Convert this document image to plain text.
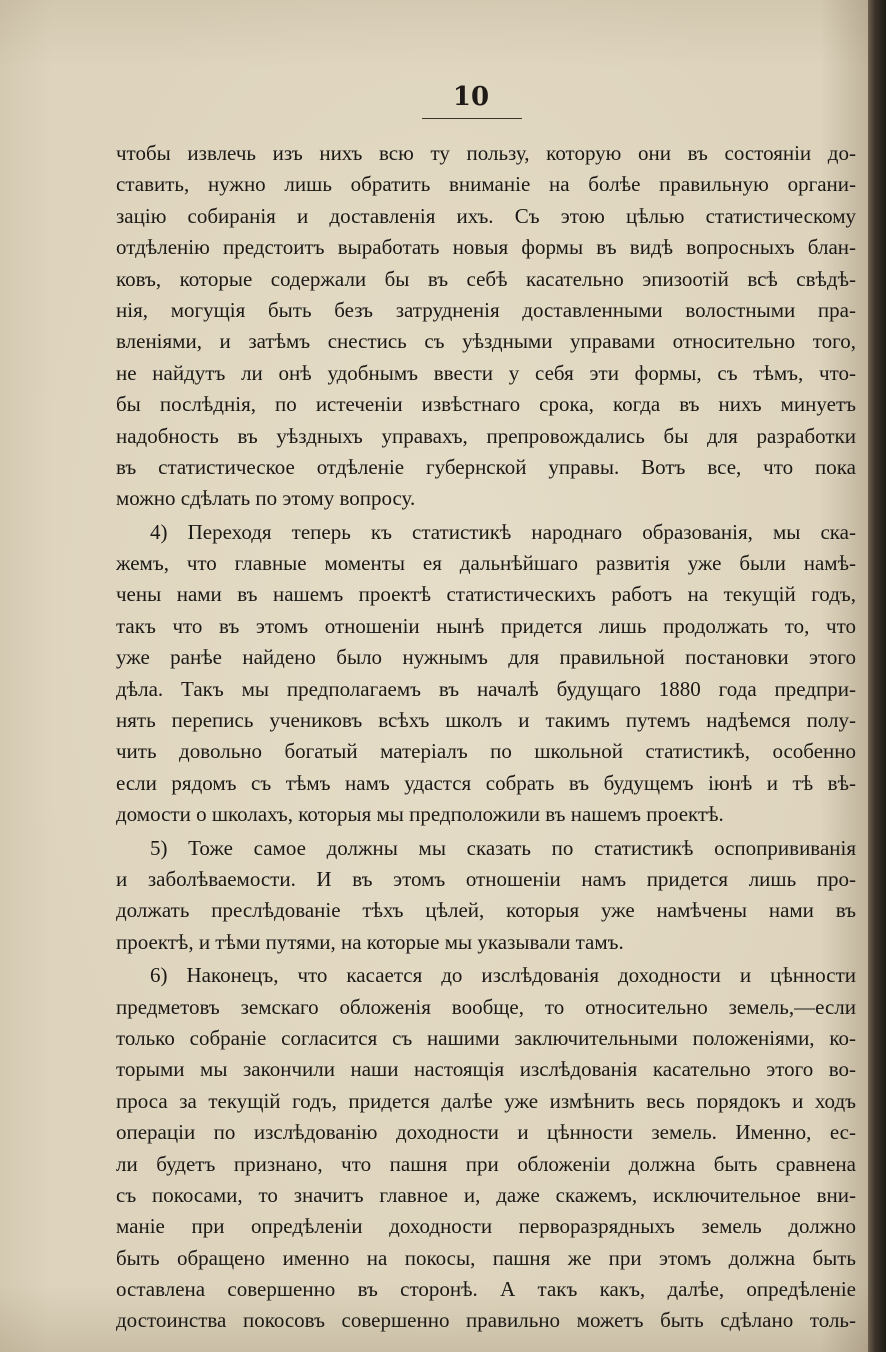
10
чтобы извлечь изъ нихъ всю ту пользу, которую они въ состоянiи до-
ставить, нужно лишь обратить вниманiе на болѣе правильную органи-
зацiю собиранiя и доставленiя ихъ. Съ этою цѣлью статистическому
отдѣленiю предстоитъ выработать новыя формы въ видѣ вопросныхъ блан-
ковъ, которые содержали бы въ себѣ касательно эпизоотiй всѣ свѣдѣ-
нiя, могущiя быть безъ затрудненiя доставленными волостными пра-
вленiями, и затѣмъ снестись съ уѣздными управами относительно того,
не найдутъ ли онѣ удобнымъ ввести у себя эти формы, съ тѣмъ, что-
бы послѣднiя, по истеченiи извѣстнаго срока, когда въ нихъ минуетъ
надобность въ уѣздныхъ управахъ, препровождались бы для разработки
въ статистическое отдѣленiе губернской управы. Вотъ все, что пока
можно сдѣлать по этому вопросу.
4) Переходя теперь къ статистикѣ народнаго образованiя, мы ска-
жемъ, что главные моменты ея дальнѣйшаго развитiя уже были намѣ-
чены нами въ нашемъ проектѣ статистическихъ работъ на текущiй годъ,
такъ что въ этомъ отношенiи нынѣ придется лишь продолжать то, что
уже ранѣе найдено было нужнымъ для правильной постановки этого
дѣла. Такъ мы предполагаемъ въ началѣ будущаго 1880 года предпри-
нять перепись учениковъ всѣхъ школъ и такимъ путемъ надѣемся полу-
чить довольно богатый матерiалъ по школьной статистикѣ, особенно
если рядомъ съ тѣмъ намъ удастся собрать въ будущемъ iюнѣ и тѣ вѣ-
домости о школахъ, которыя мы предположили въ нашемъ проектѣ.
5) Тоже самое должны мы сказать по статистикѣ оспопрививанiя
и заболѣваемости. И въ этомъ отношенiи намъ придется лишь про-
должать преслѣдованiе тѣхъ цѣлей, которыя уже намѣчены нами въ
проектѣ, и тѣми путями, на которые мы указывали тамъ.
6) Наконецъ, что касается до изслѣдованiя доходности и цѣнности
предметовъ земскаго обложенiя вообще, то относительно земель,—если
только собранiе согласится съ нашими заключительными положенiями, ко-
торыми мы закончили наши настоящiя изслѣдованiя касательно этого во-
проса за текущiй годъ, придется далѣе уже измѣнить весь порядокъ и ходъ
операцiи по изслѣдованiю доходности и цѣнности земель. Именно, ес-
ли будетъ признано, что пашня при обложенiи должна быть сравнена
съ покосами, то значитъ главное и, даже скажемъ, исключительное вни-
манiе при опредѣленiи доходности перворазрядныхъ земель должно
быть обращено именно на покосы, пашня же при этомъ должна быть
оставлена совершенно въ сторонѣ. А такъ какъ, далѣе, опредѣленiе
достоинства покосовъ совершенно правильно можетъ быть сдѣлано толь-
